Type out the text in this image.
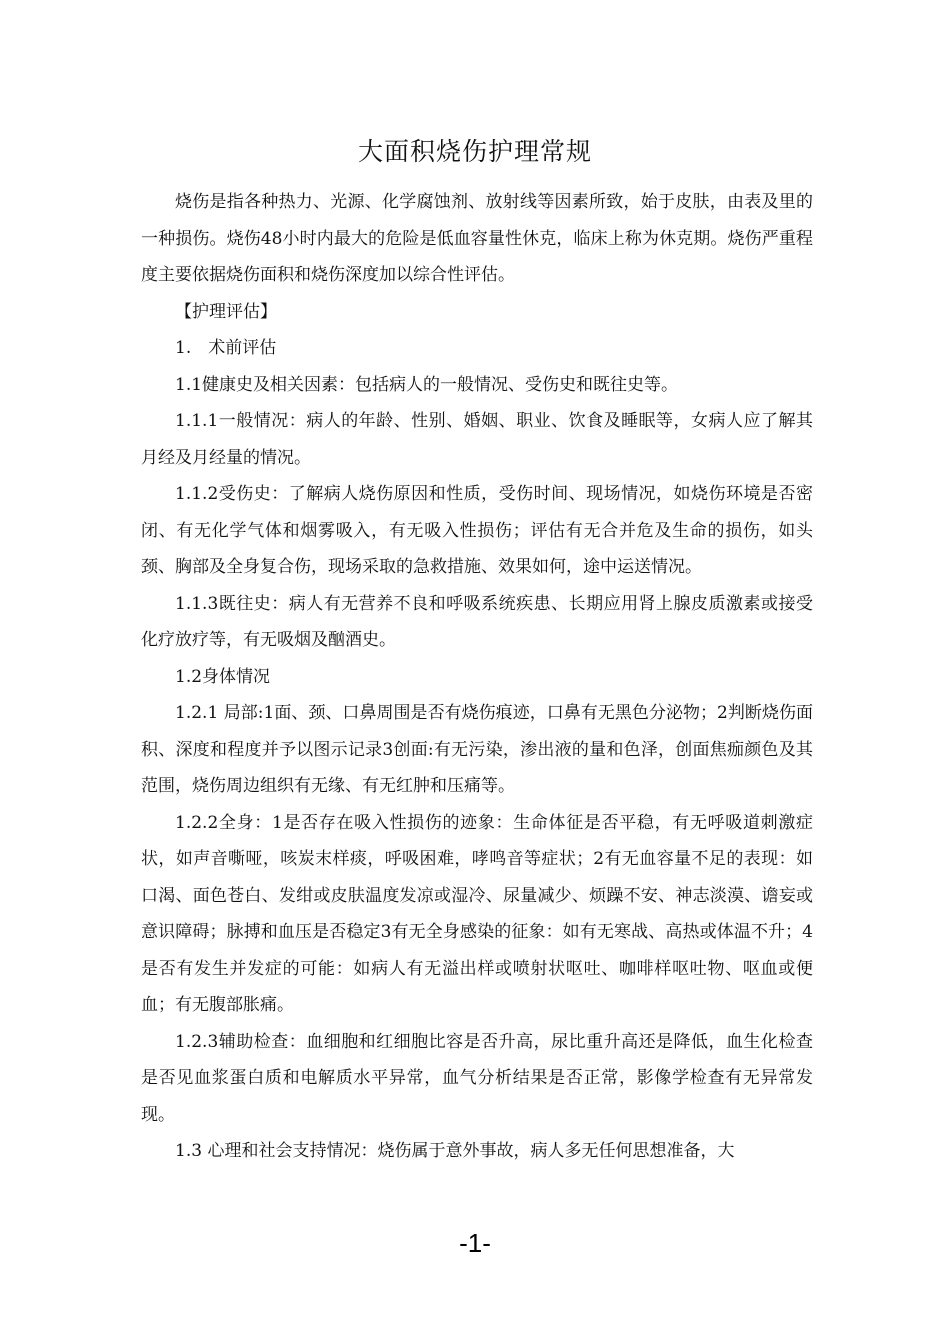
大面积烧伤护理常规

烧伤是指各种热力、光源、化学腐蚀剂、放射线等因素所致，始于皮肤，由表及里的一种损伤。烧伤48小时内最大的危险是低血容量性休克，临床上称为休克期。烧伤严重程度主要依据烧伤面积和烧伤深度加以综合性评估。

【护理评估】

1.　术前评估

1.1健康史及相关因素：包括病人的一般情况、受伤史和既往史等。

1.1.1一般情况：病人的年龄、性别、婚姻、职业、饮食及睡眠等，女病人应了解其月经及月经量的情况。

1.1.2受伤史：了解病人烧伤原因和性质，受伤时间、现场情况，如烧伤环境是否密闭、有无化学气体和烟雾吸入，有无吸入性损伤；评估有无合并危及生命的损伤，如头颈、胸部及全身复合伤，现场采取的急救措施、效果如何，途中运送情况。

1.1.3既往史：病人有无营养不良和呼吸系统疾患、长期应用肾上腺皮质激素或接受化疗放疗等，有无吸烟及酗酒史。

1.2身体情况

1.2.1 局部:1面、颈、口鼻周围是否有烧伤痕迹，口鼻有无黑色分泌物；2判断烧伤面积、深度和程度并予以图示记录3创面:有无污染，渗出液的量和色泽，创面焦痂颜色及其范围，烧伤周边组织有无缘、有无红肿和压痛等。

1.2.2全身：1是否存在吸入性损伤的迹象：生命体征是否平稳，有无呼吸道刺激症状，如声音嘶哑，咳炭末样痰，呼吸困难，哮鸣音等症状；2有无血容量不足的表现：如口渴、面色苍白、发绀或皮肤温度发凉或湿冷、尿量减少、烦躁不安、神志淡漠、谵妄或意识障碍；脉搏和血压是否稳定3有无全身感染的征象：如有无寒战、高热或体温不升；4是否有发生并发症的可能：如病人有无溢出样或喷射状呕吐、咖啡样呕吐物、呕血或便血；有无腹部胀痛。

1.2.3辅助检查：血细胞和红细胞比容是否升高，尿比重升高还是降低，血生化检查是否见血浆蛋白质和电解质水平异常，血气分析结果是否正常，影像学检查有无异常发现。

1.3 心理和社会支持情况：烧伤属于意外事故，病人多无任何思想准备，大

-1-
